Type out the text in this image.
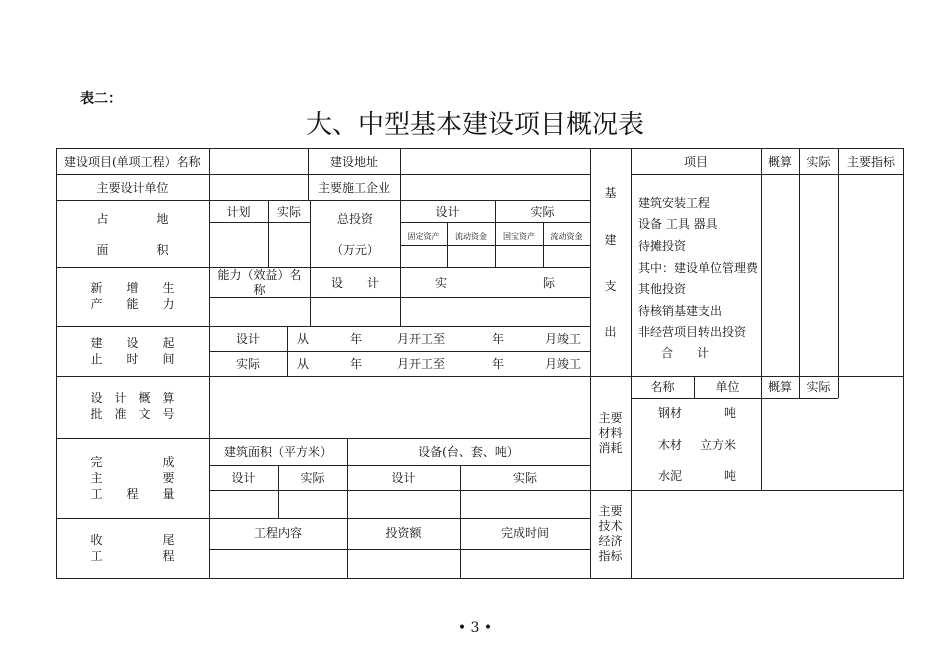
表二：
大、中型基本建设项目概况表
建设项目(单项工程）名称	建设地址
主要设计单位	主要施工企业
占　　　　地
面　　　　积
计划	实际	总投资
（万元）
设计	实际
固定资产	流动资金	国宝资产	流动资金
新　　增　　生
产　　能　　力
能力（效益）名
称	设　　计	实　　　　　　　　际
建　　设　　起
止　　时　　间
设计	从	年	月开工至	年	月竣工
实际	从	年	月开工至	年	月竣工
设　计　概　算
批　准　文　号
完　　　　　成
主　　　　　要
工　　程　　量
建筑面积（平方米）	设备(台、套、吨）
设计	实际	设计	实际
收　　　　　尾
工　　　　　程
工程内容	投资额	完成时间
基
建
支
出
项目	概算	实际	主要指标
建筑安装工程
设备 工具 器具
待摊投资
其中：建设单位管理费
其他投资
待核销基建支出
非经营项目转出投资
合　　计
主要
材料
消耗
名称	单位	概算	实际
钢材	吨
木材 立方米
水泥	吨
主要
技术
经济
指标
• 3 •
